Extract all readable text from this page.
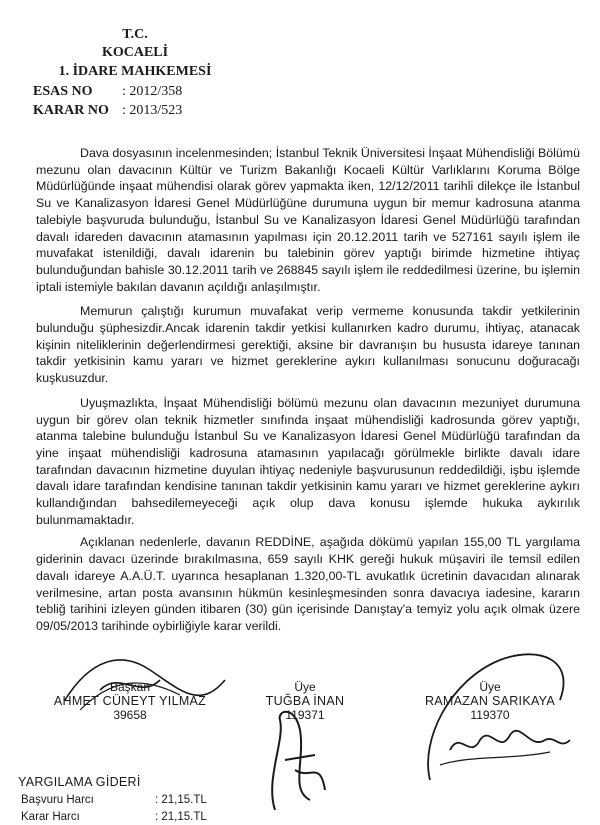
T.C.
KOCAELİ
1. İDARE MAHKEMESİ
ESAS NO : 2012/358
KARAR NO : 2013/523

Dava dosyasının incelenmesinden; İstanbul Teknik Üniversitesi İnşaat Mühendisliği Bölümü mezunu olan davacının Kültür ve Turizm Bakanlığı Kocaeli Kültür Varlıklarını Koruma Bölge Müdürlüğünde inşaat mühendisi olarak görev yapmakta iken, 12/12/2011 tarihli dilekçe ile İstanbul Su ve Kanalizasyon İdaresi Genel Müdürlüğüne durumuna uygun bir memur kadrosuna atanma talebiyle başvuruda bulunduğu, İstanbul Su ve Kanalizasyon İdaresi Genel Müdürlüğü tarafından davalı idareden davacının atamasının yapılması için 20.12.2011 tarih ve 527161 sayılı işlem ile muvafakat istenildiği, davalı idarenin bu talebinin görev yaptığı birimde hizmetine ihtiyaç bulunduğundan bahisle 30.12.2011 tarih ve 268845 sayılı işlem ile reddedilmesi üzerine, bu işlemin iptali istemiyle bakılan davanın açıldığı anlaşılmıştır.

Memurun çalıştığı kurumun muvafakat verip vermeme konusunda takdir yetkilerinin bulunduğu şüphesizdir.Ancak idarenin takdir yetkisi kullanırken kadro durumu, ihtiyaç, atanacak kişinin niteliklerinin değerlendirmesi gerektiği, aksine bir davranışın bu hususta idareye tanınan takdir yetkisinin kamu yararı ve hizmet gereklerine aykırı kullanılması sonucunu doğuracağı kuşkusuzdur.

Uyuşmazlıkta, İnşaat Mühendisliği bölümü mezunu olan davacının mezuniyet durumuna uygun bir görev olan teknik hizmetler sınıfında inşaat mühendisliği kadrosunda görev yaptığı, atanma talebine bulunduğu İstanbul Su ve Kanalizasyon İdaresi Genel Müdürlüğü tarafından da yine inşaat mühendisliği kadrosuna atamasının yapılacağı görülmekle birlikte davalı idare tarafından davacının hizmetine duyulan ihtiyaç nedeniyle başvurusunun reddedildiği, işbu işlemde davalı idare tarafından kendisine tanınan takdir yetkisinin kamu yararı ve hizmet gereklerine aykırı kullandığından bahsedilemeyeceği açık olup dava konusu işlemde hukuka aykırılık bulunmamaktadır.

Açıklanan nedenlerle, davanın REDDİNE, aşağıda dökümü yapılan 155,00 TL yargılama giderinin davacı üzerinde bırakılmasına, 659 sayılı KHK gereği hukuk müşaviri ile temsil edilen davalı idareye A.A.Ü.T. uyarınca hesaplanan 1.320,00-TL avukatlık ücretinin davacıdan alınarak verilmesine, artan posta avansının hükmün kesinleşmesinden sonra davacıya iadesine, kararın tebliğ tarihini izleyen günden itibaren (30) gün içerisinde Danıştay'a temyiz yolu açık olmak üzere 09/05/2013 tarihinde oybirliğiyle karar verildi.

Başkan
AHMET CÜNEYT YILMAZ
39658
Üye
TUĞBA İNAN
119371
Üye
RAMAZAN SARIKAYA
119370
YARGILAMA GİDERİ
Başvuru Harcı	: 21,15.TL
Karar Harcı	: 21,15.TL
